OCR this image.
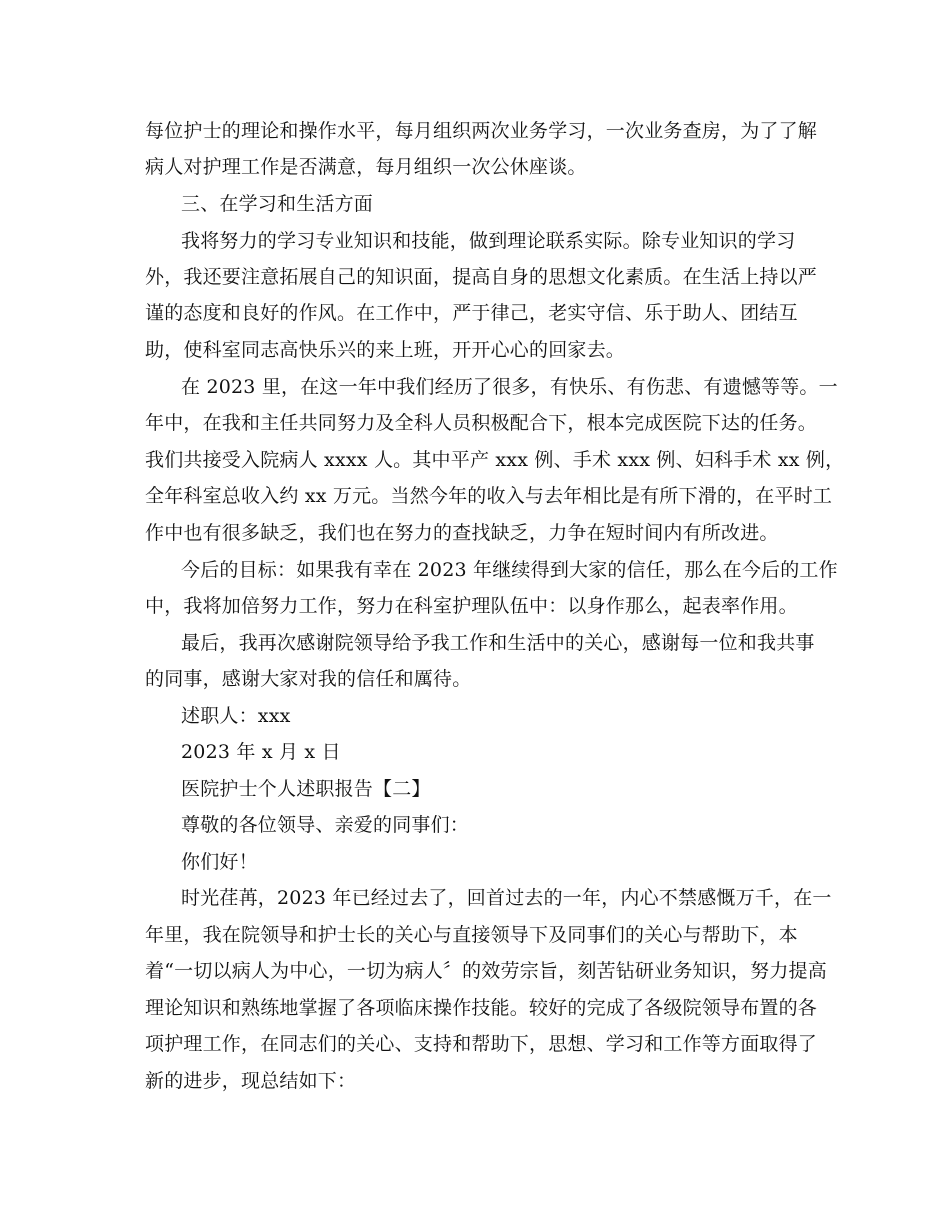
每位护士的理论和操作水平，每月组织两次业务学习，一次业务查房，为了了解
病人对护理工作是否满意，每月组织一次公休座谈。
三、在学习和生活方面
我将努力的学习专业知识和技能，做到理论联系实际。除专业知识的学习
外，我还要注意拓展自己的知识面，提高自身的思想文化素质。在生活上持以严
谨的态度和良好的作风。在工作中，严于律己，老实守信、乐于助人、团结互
助，使科室同志高快乐兴的来上班，开开心心的回家去。
在 2023 里，在这一年中我们经历了很多，有快乐、有伤悲、有遗憾等等。一
年中，在我和主任共同努力及全科人员积极配合下，根本完成医院下达的任务。
我们共接受入院病人 xxxx 人。其中平产 xxx 例、手术 xxx 例、妇科手术 xx 例，
全年科室总收入约 xx 万元。当然今年的收入与去年相比是有所下滑的，在平时工
作中也有很多缺乏，我们也在努力的查找缺乏，力争在短时间内有所改进。
今后的目标：如果我有幸在 2023 年继续得到大家的信任，那么在今后的工作
中，我将加倍努力工作，努力在科室护理队伍中：以身作那么，起表率作用。
最后，我再次感谢院领导给予我工作和生活中的关心，感谢每一位和我共事
的同事，感谢大家对我的信任和厲待。
述职人：xxx
2023 年 x 月 x 日
医院护士个人述职报告【二】
尊敬的各位领导、亲爱的同事们：
你们好！
时光荏苒，2023 年已经过去了，回首过去的一年，内心不禁感慨万千，在一
年里，我在院领导和护士长的关心与直接领导下及同事们的关心与帮助下，本
着“一切以病人为中心，一切为病人〞的效劳宗旨，刻苦钻研业务知识，努力提高
理论知识和熟练地掌握了各项临床操作技能。较好的完成了各级院领导布置的各
项护理工作，在同志们的关心、支持和帮助下，思想、学习和工作等方面取得了
新的进步，现总结如下：
